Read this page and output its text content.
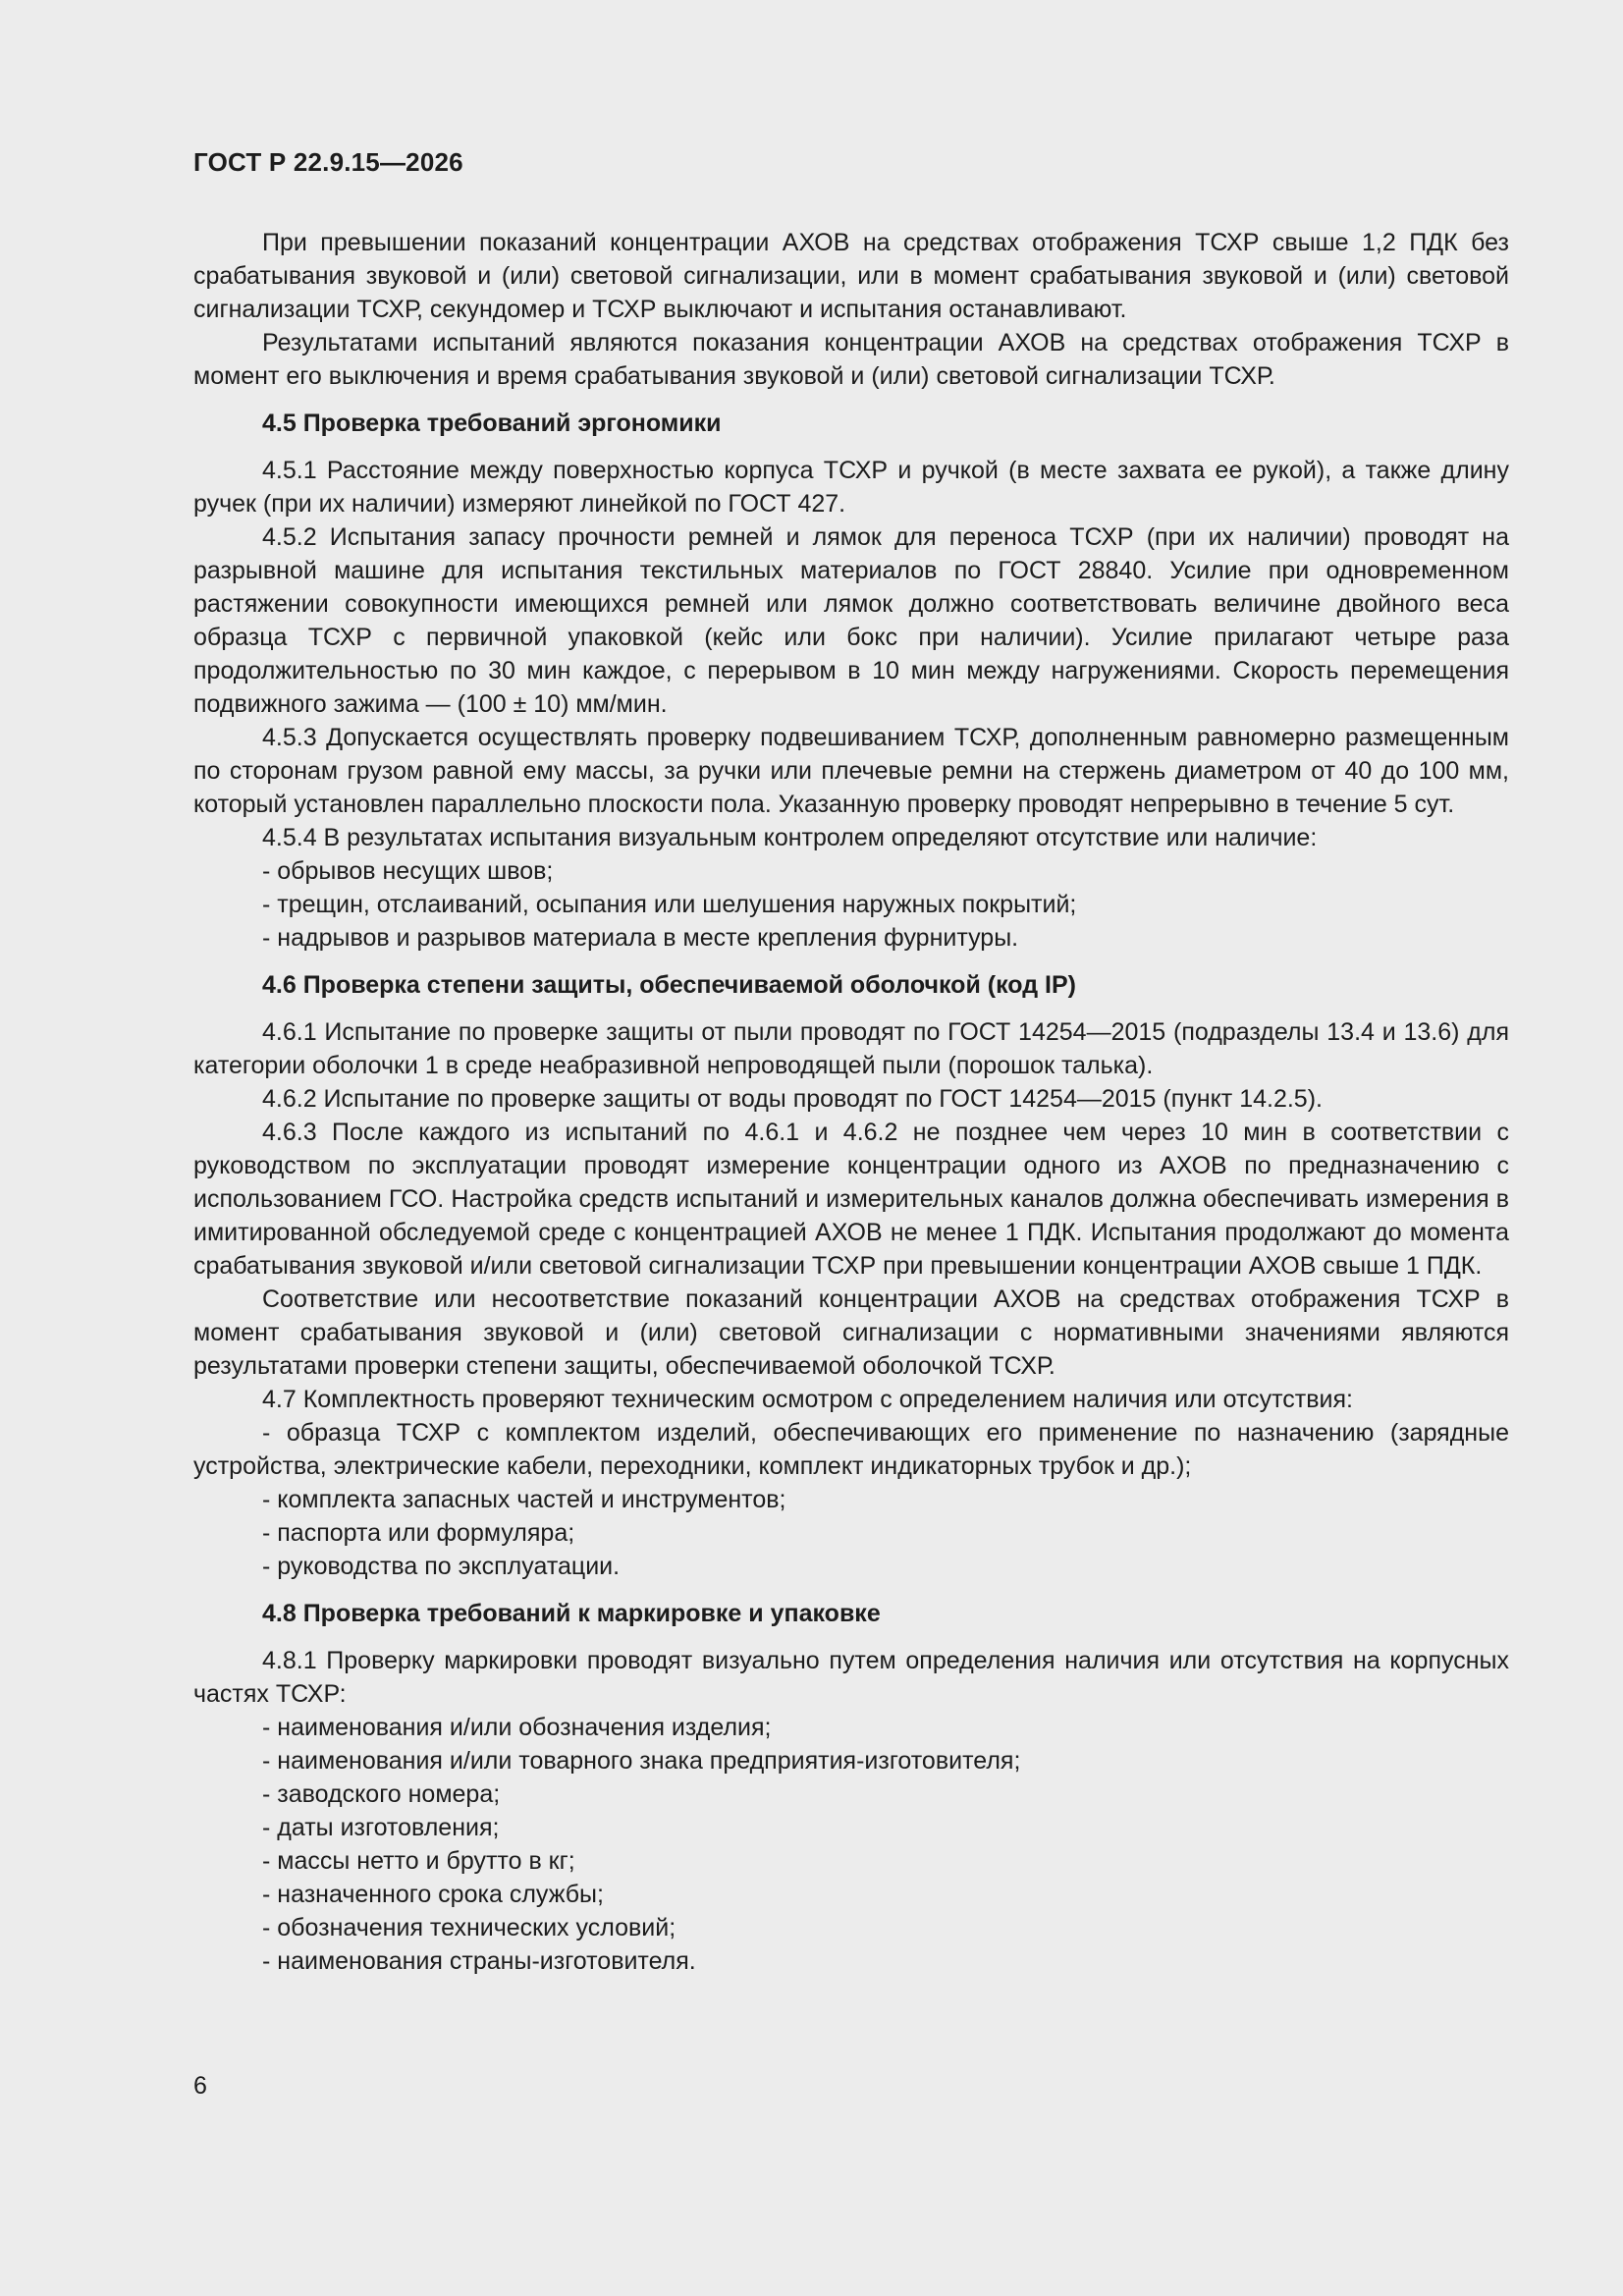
ГОСТ Р 22.9.15—2026

При превышении показаний концентрации АХОВ на средствах отображения ТСХР свыше 1,2 ПДК без срабатывания звуковой и (или) световой сигнализации, или в момент срабатывания звуковой и (или) световой сигнализации ТСХР, секундомер и ТСХР выключают и испытания останавливают.

Результатами испытаний являются показания концентрации АХОВ на средствах отображения ТСХР в момент его выключения и время срабатывания звуковой и (или) световой сигнализации ТСХР.

4.5 Проверка требований эргономики

4.5.1 Расстояние между поверхностью корпуса ТСХР и ручкой (в месте захвата ее рукой), а также длину ручек (при их наличии) измеряют линейкой по ГОСТ 427.

4.5.2 Испытания запасу прочности ремней и лямок для переноса ТСХР (при их наличии) проводят на разрывной машине для испытания текстильных материалов по ГОСТ 28840. Усилие при одновременном растяжении совокупности имеющихся ремней или лямок должно соответствовать величине двойного веса образца ТСХР с первичной упаковкой (кейс или бокс при наличии). Усилие прилагают четыре раза продолжительностью по 30 мин каждое, с перерывом в 10 мин между нагружениями. Скорость перемещения подвижного зажима — (100 ± 10) мм/мин.

4.5.3 Допускается осуществлять проверку подвешиванием ТСХР, дополненным равномерно размещенным по сторонам грузом равной ему массы, за ручки или плечевые ремни на стержень диаметром от 40 до 100 мм, который установлен параллельно плоскости пола. Указанную проверку проводят непрерывно в течение 5 сут.

4.5.4 В результатах испытания визуальным контролем определяют отсутствие или наличие:

- обрывов несущих швов;

- трещин, отслаиваний, осыпания или шелушения наружных покрытий;

- надрывов и разрывов материала в месте крепления фурнитуры.

4.6 Проверка степени защиты, обеспечиваемой оболочкой (код IP)

4.6.1 Испытание по проверке защиты от пыли проводят по ГОСТ 14254—2015 (подразделы 13.4 и 13.6) для категории оболочки 1 в среде неабразивной непроводящей пыли (порошок талька).

4.6.2 Испытание по проверке защиты от воды проводят по ГОСТ 14254—2015 (пункт 14.2.5).

4.6.3 После каждого из испытаний по 4.6.1 и 4.6.2 не позднее чем через 10 мин в соответствии с руководством по эксплуатации проводят измерение концентрации одного из АХОВ по предназначению с использованием ГСО. Настройка средств испытаний и измерительных каналов должна обеспечивать измерения в имитированной обследуемой среде с концентрацией АХОВ не менее 1 ПДК. Испытания продолжают до момента срабатывания звуковой и/или световой сигнализации ТСХР при превышении концентрации АХОВ свыше 1 ПДК.

Соответствие или несоответствие показаний концентрации АХОВ на средствах отображения ТСХР в момент срабатывания звуковой и (или) световой сигнализации с нормативными значениями являются результатами проверки степени защиты, обеспечиваемой оболочкой ТСХР.

4.7 Комплектность проверяют техническим осмотром с определением наличия или отсутствия:

- образца ТСХР с комплектом изделий, обеспечивающих его применение по назначению (зарядные устройства, электрические кабели, переходники, комплект индикаторных трубок и др.);

- комплекта запасных частей и инструментов;

- паспорта или формуляра;

- руководства по эксплуатации.

4.8 Проверка требований к маркировке и упаковке

4.8.1 Проверку маркировки проводят визуально путем определения наличия или отсутствия на корпусных частях ТСХР:

- наименования и/или обозначения изделия;

- наименования и/или товарного знака предприятия-изготовителя;

- заводского номера;

- даты изготовления;

- массы нетто и брутто в кг;

- назначенного срока службы;

- обозначения технических условий;

- наименования страны-изготовителя.

6
